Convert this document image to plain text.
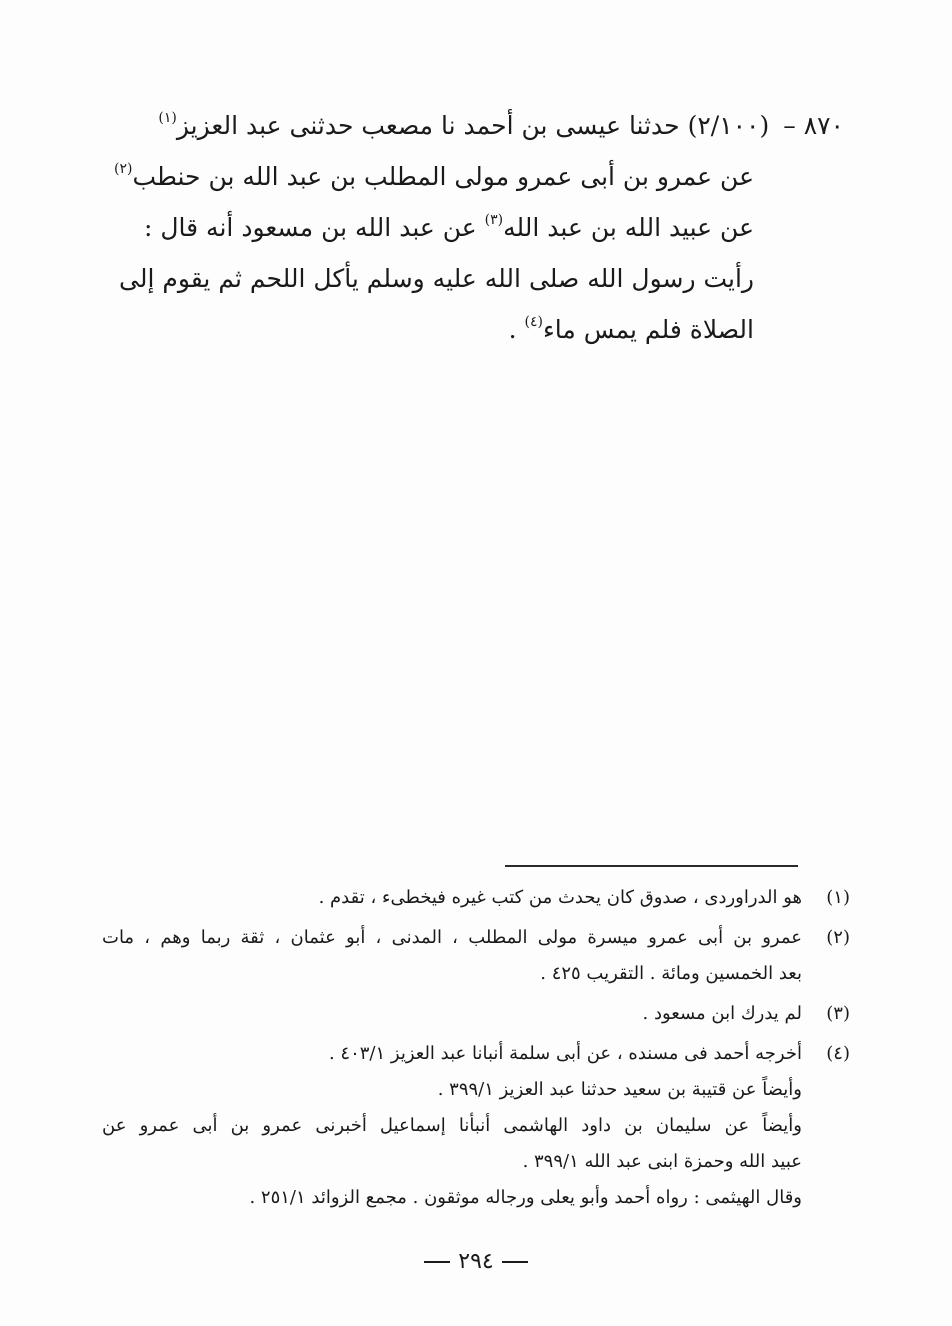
٨٧٠ –(٢/١٠٠) حدثنا عيسى بن أحمد نا مصعب حدثنى عبد العزيز$^{(١)}$
عن عمرو بن أبى عمرو مولى المطلب بن عبد الله بن حنطب$^{(٢)}$
عن عبيد الله بن عبد الله$^{(٣)}$ عن عبد الله بن مسعود أنه قال :
رأيت رسول الله صلى الله عليه وسلم يأكل اللحم ثم يقوم إلى
الصلاة فلم يمس ماء$^{(٤)}$ .
(١)
هو الدراوردى ، صدوق كان يحدث من كتب غيره فيخطىء ، تقدم .
(٢)
عمرو بن أبى عمرو ميسرة مولى المطلب ، المدنى ، أبو عثمان ، ثقة ربما وهم ، مات
بعد الخمسين ومائة . التقريب ٤٢٥ .
(٣)
لم يدرك ابن مسعود .
(٤)
أخرجه أحمد فى مسنده ، عن أبى سلمة أنبانا عبد العزيز ٤٠٣/١ .
وأيضاً عن قتيبة بن سعيد حدثنا عبد العزيز ٣٩٩/١ .
وأيضاً عن سليمان بن داود الهاشمى أنبأنا إسماعيل أخبرنى عمرو بن أبى عمرو عن
عبيد الله وحمزة ابنى عبد الله ٣٩٩/١ .
وقال الهيثمى : رواه أحمد وأبو يعلى ورجاله موثقون . مجمع الزوائد ٢٥١/١ .
٢٩٤
